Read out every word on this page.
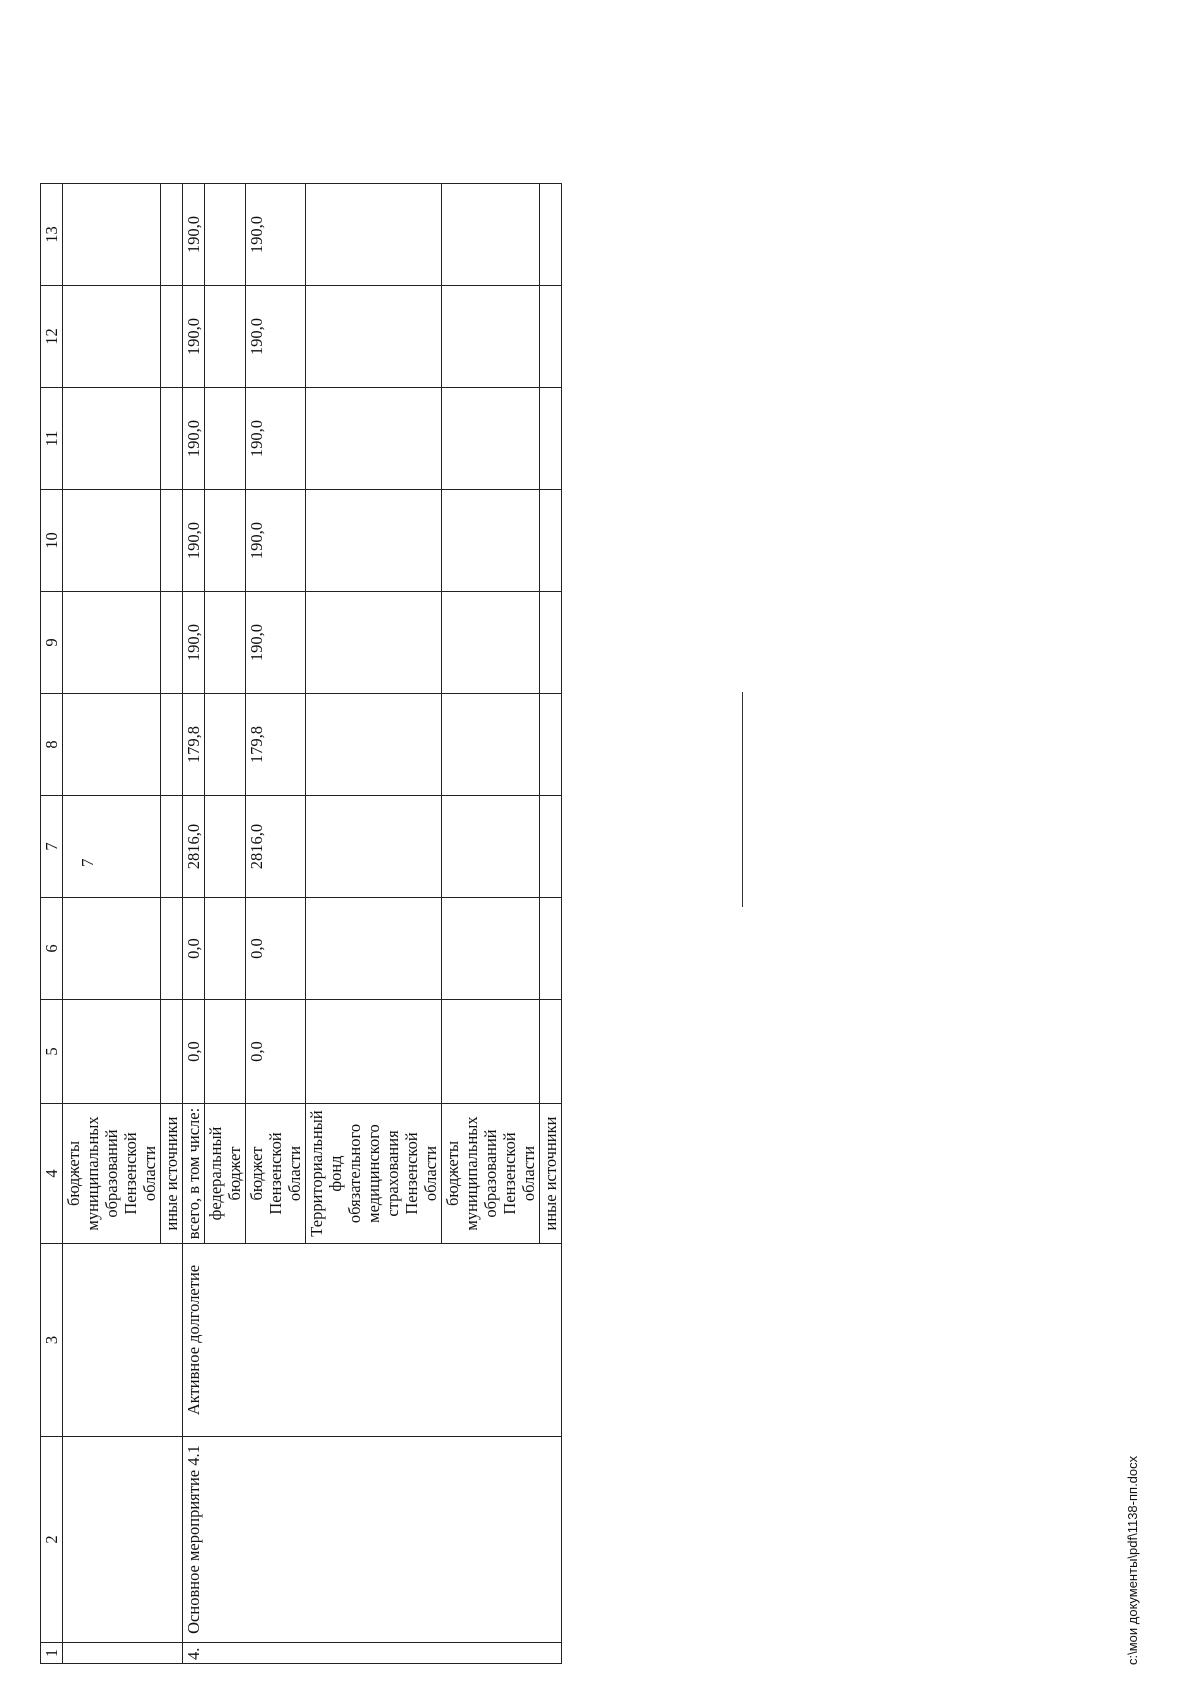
7
1	2	3	4	5	6	7	8	9	10	11	12	13
			бюджеты муниципальных образований Пензенской области									
			иные источники									
4.	Основное мероприятие 4.1	Активное долголетие	всего, в том числе:	0,0	0,0	2816,0	179,8	190,0	190,0	190,0	190,0	190,0
			федеральный бюджет									
			бюджет Пензенской области	0,0	0,0	2816,0	179,8	190,0	190,0	190,0	190,0	190,0
			Территориальный фонд обязательного медицинского страхования Пензенской области									
			бюджеты муниципальных образований Пензенской области									
			иные источники									
c:\мои документы\pdf\1138-пп.docx
